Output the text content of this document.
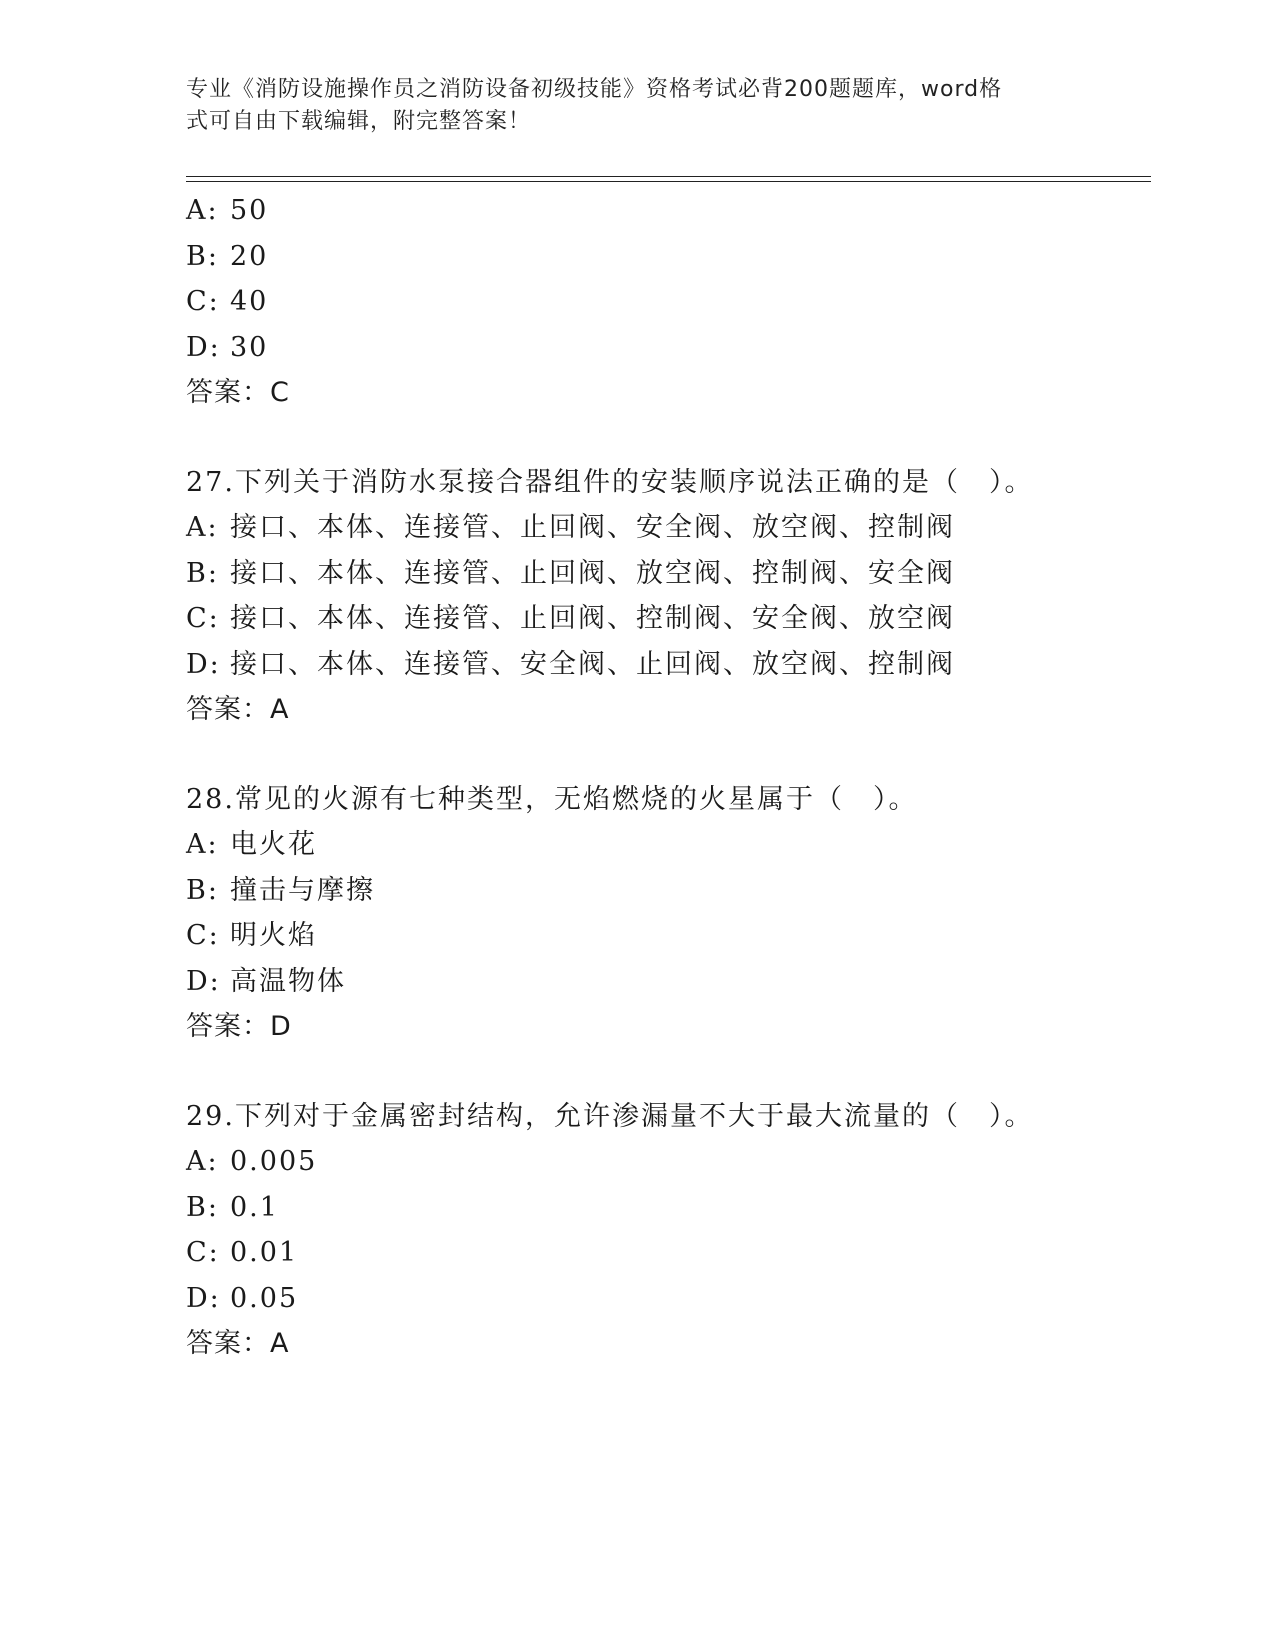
专业《消防设施操作员之消防设备初级技能》资格考试必背200题题库，word格
式可自由下载编辑，附完整答案！
A: 50
B: 20
C: 40
D: 30
答案：C
27.下列关于消防水泵接合器组件的安装顺序说法正确的是（　）。
A: 接口、本体、连接管、止回阀、安全阀、放空阀、控制阀
B: 接口、本体、连接管、止回阀、放空阀、控制阀、安全阀
C: 接口、本体、连接管、止回阀、控制阀、安全阀、放空阀
D: 接口、本体、连接管、安全阀、止回阀、放空阀、控制阀
答案：A
28.常见的火源有七种类型，无焰燃烧的火星属于（　）。
A: 电火花
B: 撞击与摩擦
C: 明火焰
D: 高温物体
答案：D
29.下列对于金属密封结构，允许渗漏量不大于最大流量的（　）。
A: 0.005
B: 0.1
C: 0.01
D: 0.05
答案：A
